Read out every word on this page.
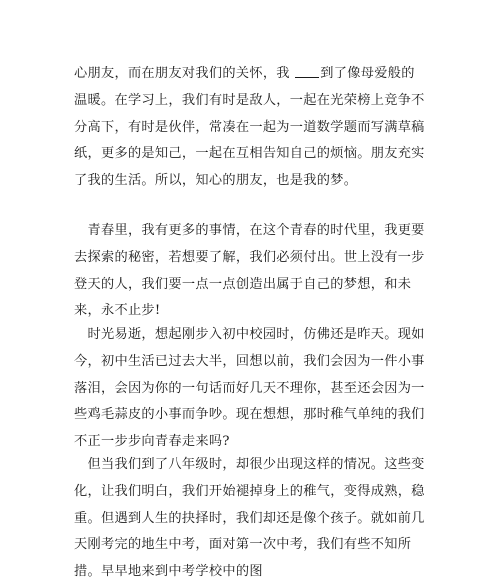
心朋友，而在朋友对我们的关怀，我 到了像母爱般的温暖。在学习上，我们有时是敌人，一起在光荣榜上竞争不分高下，有时是伙伴，常凑在一起为一道数学题而写满草稿纸，更多的是知己，一起在互相告知自己的烦恼。朋友充实了我的生活。所以，知心的朋友，也是我的梦。

　青春里，我有更多的事情，在这个青春的时代里，我更要去探索的秘密，若想要了解，我们必须付出。世上没有一步登天的人，我们要一点一点创造出属于自己的梦想，和未来，永不止步!

　时光易逝，想起刚步入初中校园时，仿佛还是昨天。现如今，初中生活已过去大半，回想以前，我们会因为一件小事落泪，会因为你的一句话而好几天不理你，甚至还会因为一些鸡毛蒜皮的小事而争吵。现在想想，那时稚气单纯的我们不正一步步向青春走来吗?

　但当我们到了八年级时，却很少出现这样的情况。这些变化，让我们明白，我们开始褪掉身上的稚气，变得成熟，稳重。但遇到人生的抉择时，我们却还是像个孩子。就如前几天刚考完的地生中考，面对第一次中考，我们有些不知所措。早早地来到中考学校中的图
